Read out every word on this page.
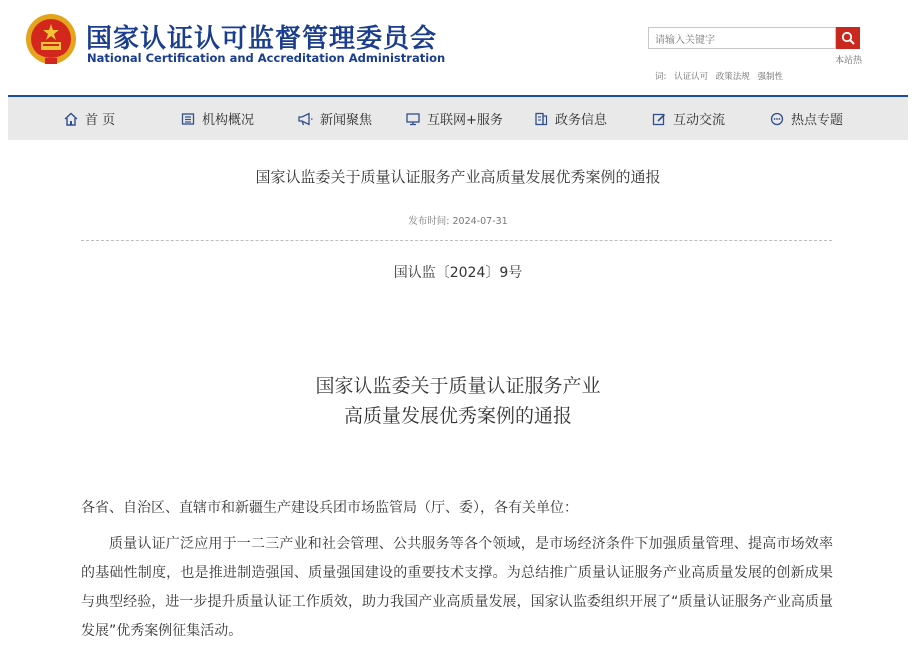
国家认证认可监督管理委员会
National Certification and Accreditation Administration
请输入关键字	本站热
词: 认证认可 政策法规 强制性
首 页	机构概况	新闻聚焦	互联网+服务	政务信息	互动交流	热点专题
国家认监委关于质量认证服务产业高质量发展优秀案例的通报
发布时间: 2024-07-31
国认监〔2024〕9号
国家认监委关于质量认证服务产业
高质量发展优秀案例的通报
各省、自治区、直辖市和新疆生产建设兵团市场监管局（厅、委），各有关单位：
质量认证广泛应用于一二三产业和社会管理、公共服务等各个领域，是市场经济条件下加强质量管理、提高市场效率的基础性制度，也是推进制造强国、质量强国建设的重要技术支撑。为总结推广质量认证服务产业高质量发展的创新成果与典型经验，进一步提升质量认证工作质效，助力我国产业高质量发展，国家认监委组织开展了“质量认证服务产业高质量发展”优秀案例征集活动。
